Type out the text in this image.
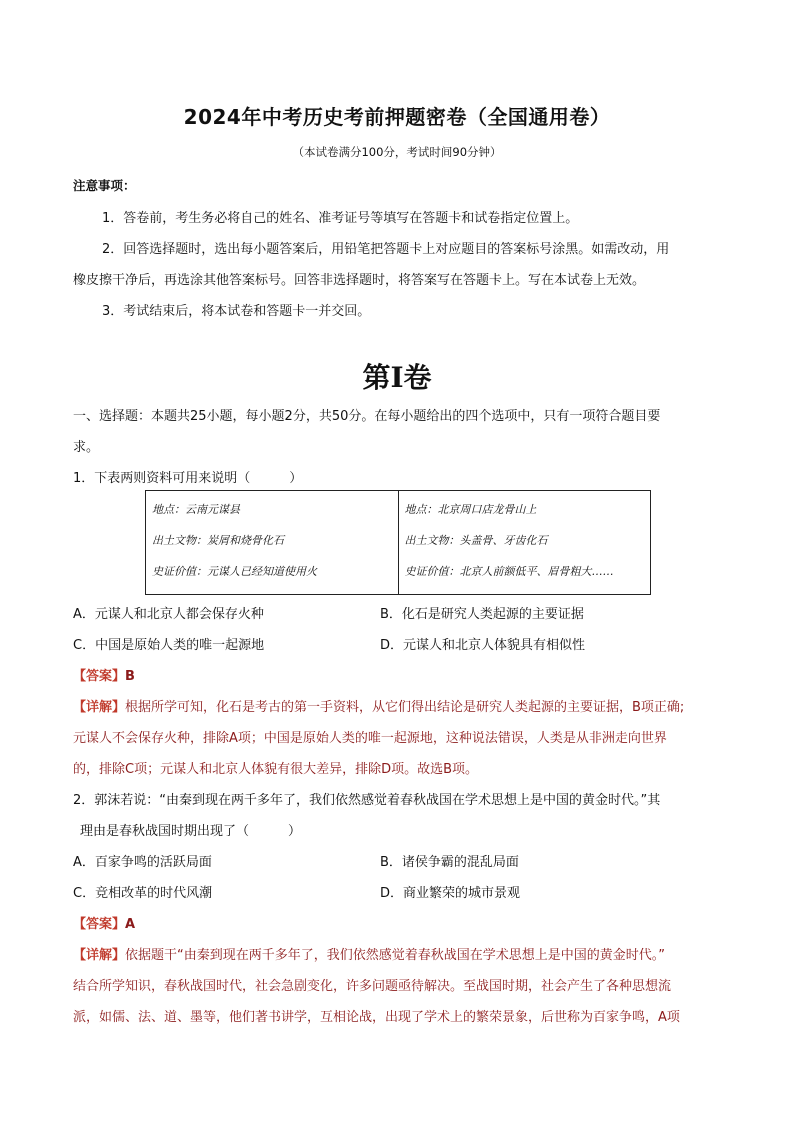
2024年中考历史考前押题密卷（全国通用卷）
（本试卷满分100分，考试时间90分钟）
注意事项：
1．答卷前，考生务必将自己的姓名、准考证号等填写在答题卡和试卷指定位置上。
2．回答选择题时，选出每小题答案后，用铅笔把答题卡上对应题目的答案标号涂黑。如需改动，用
橡皮擦干净后，再选涂其他答案标号。回答非选择题时，将答案写在答题卡上。写在本试卷上无效。
3．考试结束后，将本试卷和答题卡一并交回。
第Ⅰ卷
一、选择题：本题共25小题，每小题2分，共50分。在每小题给出的四个选项中，只有一项符合题目要
求。
1．下表两则资料可用来说明（　　　）
地点：云南元谋县
出土文物：炭屑和烧骨化石
史证价值：元谋人已经知道使用火

地点：北京周口店龙骨山上
出土文物：头盖骨、牙齿化石
史证价值：北京人前额低平、眉骨粗大……
A．元谋人和北京人都会保存火种	B．化石是研究人类起源的主要证据
C．中国是原始人类的唯一起源地	D．元谋人和北京人体貌具有相似性
【答案】B
【详解】根据所学可知，化石是考古的第一手资料，从它们得出结论是研究人类起源的主要证据，B项正确;
元谋人不会保存火种，排除A项；中国是原始人类的唯一起源地，这种说法错误，人类是从非洲走向世界
的，排除C项；元谋人和北京人体貌有很大差异，排除D项。故选B项。
2．郭沫若说：“由秦到现在两千多年了，我们依然感觉着春秋战国在学术思想上是中国的黄金时代。”其
理由是春秋战国时期出现了（　　　）
A．百家争鸣的活跃局面	B．诸侯争霸的混乱局面
C．竞相改革的时代风潮	D．商业繁荣的城市景观
【答案】A
【详解】依据题干“由秦到现在两千多年了，我们依然感觉着春秋战国在学术思想上是中国的黄金时代。”
结合所学知识，春秋战国时代，社会急剧变化，许多问题亟待解决。至战国时期，社会产生了各种思想流
派，如儒、法、道、墨等，他们著书讲学，互相论战，出现了学术上的繁荣景象，后世称为百家争鸣，A项
